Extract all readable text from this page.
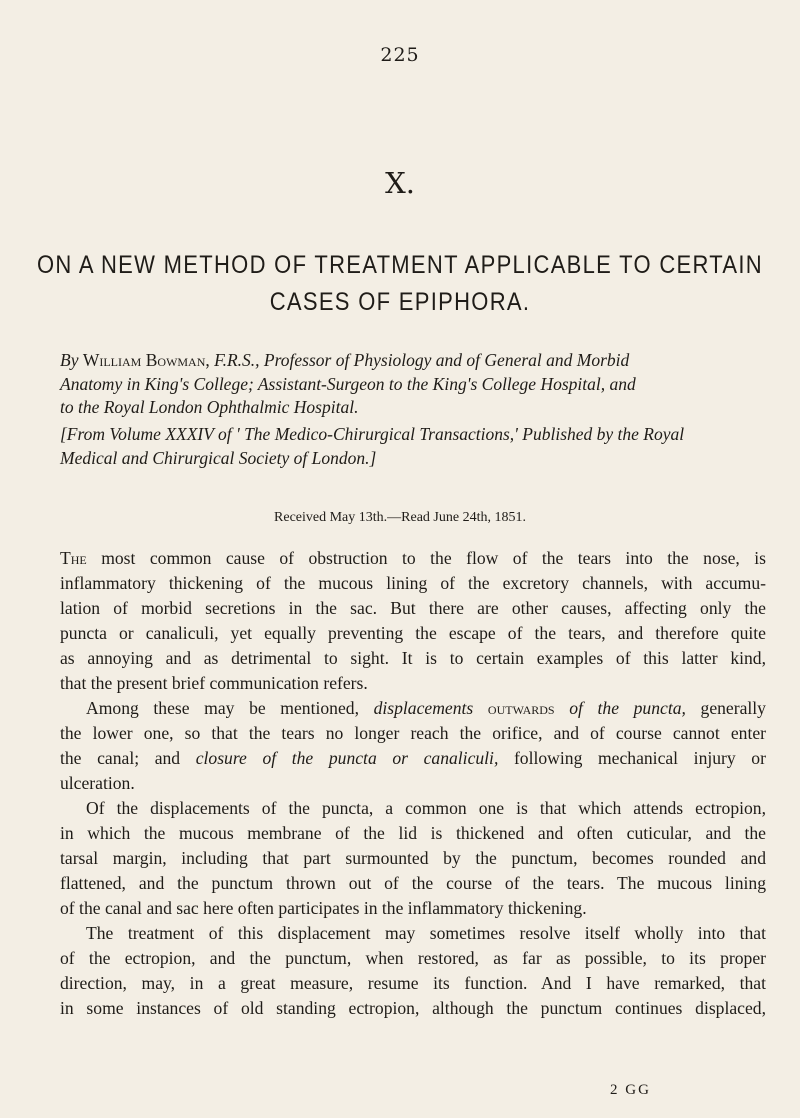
225
X.
ON A NEW METHOD OF TREATMENT APPLICABLE TO CERTAIN
CASES OF EPIPHORA.
By William Bowman, F.R.S., Professor of Physiology and of General and Morbid
Anatomy in King's College; Assistant-Surgeon to the King's College Hospital, and
to the Royal London Ophthalmic Hospital.
[From Volume XXXIV of ' The Medico-Chirurgical Transactions,' Published by the Royal
Medical and Chirurgical Society of London.]
Received May 13th.—Read June 24th, 1851.
The most common cause of obstruction to the flow of the tears into the nose, is
inflammatory thickening of the mucous lining of the excretory channels, with accumu-
lation of morbid secretions in the sac. But there are other causes, affecting only the
puncta or canaliculi, yet equally preventing the escape of the tears, and therefore quite
as annoying and as detrimental to sight. It is to certain examples of this latter kind,
that the present brief communication refers.
Among these may be mentioned, displacements outwards of the puncta, generally
the lower one, so that the tears no longer reach the orifice, and of course cannot enter
the canal; and closure of the puncta or canaliculi, following mechanical injury or
ulceration.
Of the displacements of the puncta, a common one is that which attends ectropion,
in which the mucous membrane of the lid is thickened and often cuticular, and the
tarsal margin, including that part surmounted by the punctum, becomes rounded and
flattened, and the punctum thrown out of the course of the tears. The mucous lining
of the canal and sac here often participates in the inflammatory thickening.
The treatment of this displacement may sometimes resolve itself wholly into that
of the ectropion, and the punctum, when restored, as far as possible, to its proper
direction, may, in a great measure, resume its function. And I have remarked, that
in some instances of old standing ectropion, although the punctum continues displaced,
2 GG
